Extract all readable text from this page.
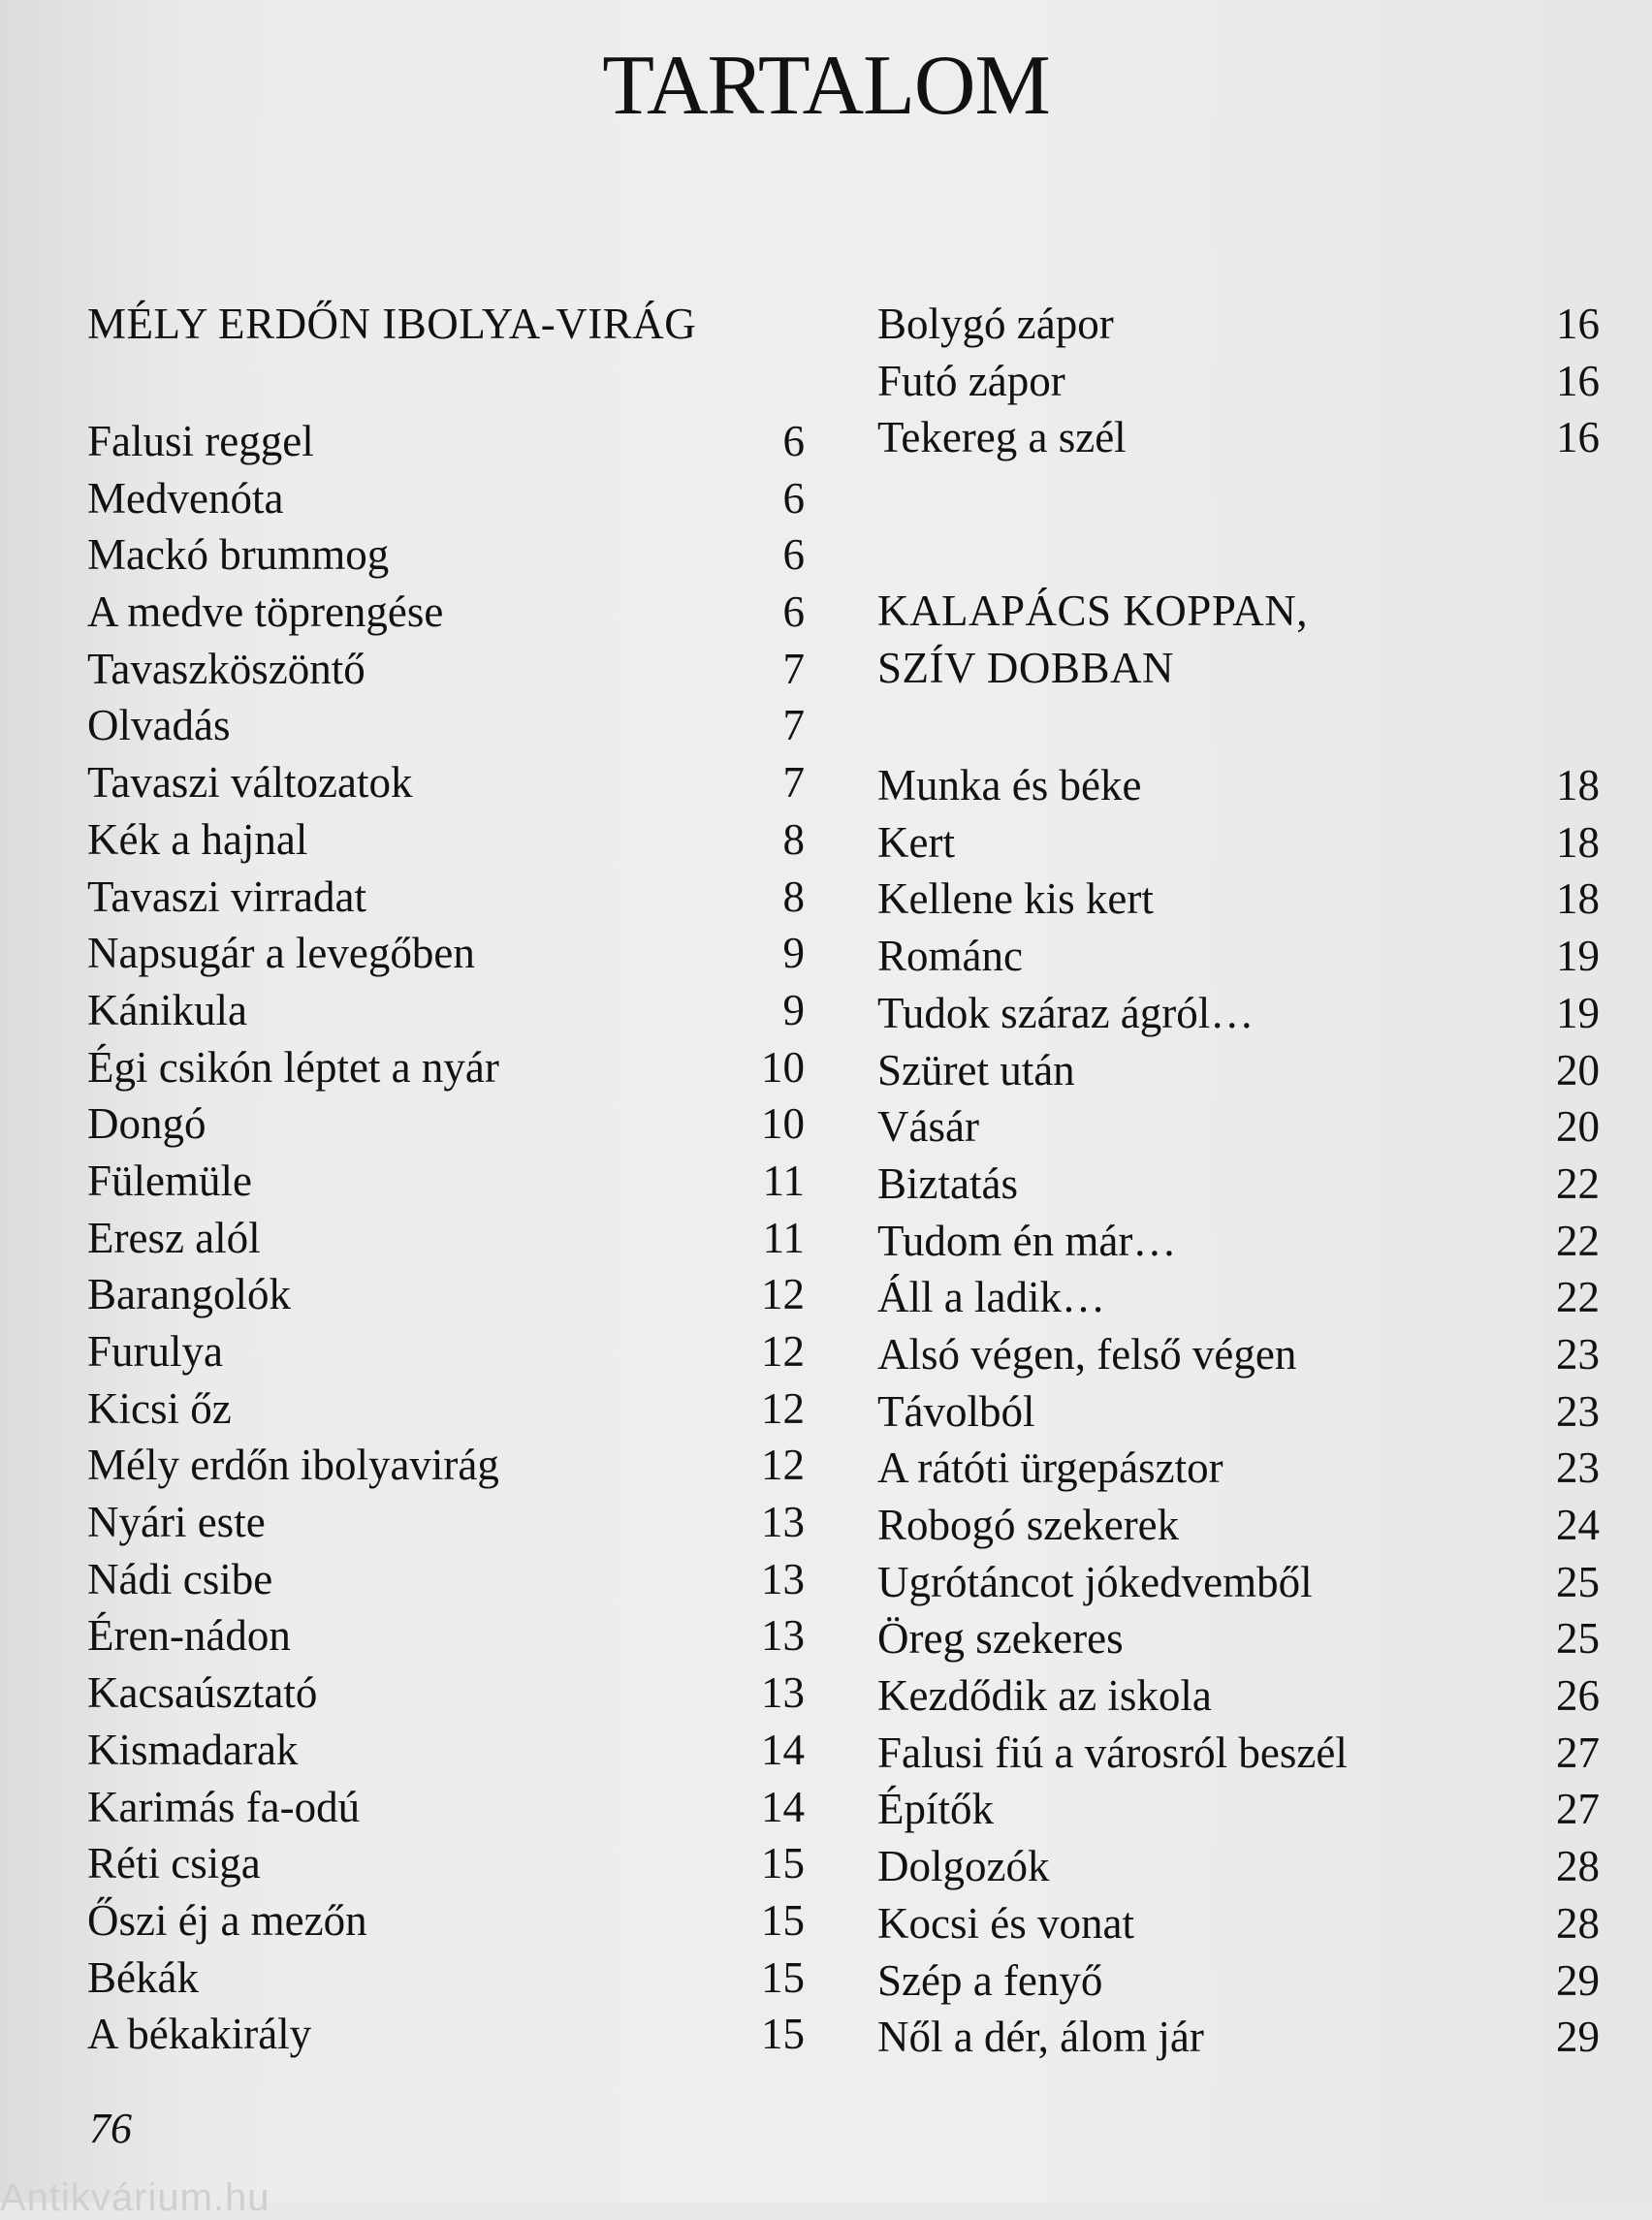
TARTALOM
MÉLY ERDŐN IBOLYA-VIRÁG
Falusi reggel	6
Medvenóta	6
Mackó brummog	6
A medve töprengése	6
Tavaszköszöntő	7
Olvadás	7
Tavaszi változatok	7
Kék a hajnal	8
Tavaszi virradat	8
Napsugár a levegőben	9
Kánikula	9
Égi csikón léptet a nyár	10
Dongó	10
Fülemüle	11
Eresz alól	11
Barangolók	12
Furulya	12
Kicsi őz	12
Mély erdőn ibolyavirág	12
Nyári este	13
Nádi csibe	13
Éren-nádon	13
Kacsaúsztató	13
Kismadarak	14
Karimás fa-odú	14
Réti csiga	15
Őszi éj a mezőn	15
Békák	15
A békakirály	15
Bolygó zápor	16
Futó zápor	16
Tekereg a szél	16
KALAPÁCS KOPPAN,
SZÍV DOBBAN
Munka és béke	18
Kert	18
Kellene kis kert	18
Románc	19
Tudok száraz ágról…	19
Szüret után	20
Vásár	20
Biztatás	22
Tudom én már…	22
Áll a ladik…	22
Alsó végen, felső végen	23
Távolból	23
A rátóti ürgepásztor	23
Robogó szekerek	24
Ugrótáncot jókedvemből	25
Öreg szekeres	25
Kezdődik az iskola	26
Falusi fiú a városról beszél	27
Építők	27
Dolgozók	28
Kocsi és vonat	28
Szép a fenyő	29
Nől a dér, álom jár	29
76
Antikvárium.hu
